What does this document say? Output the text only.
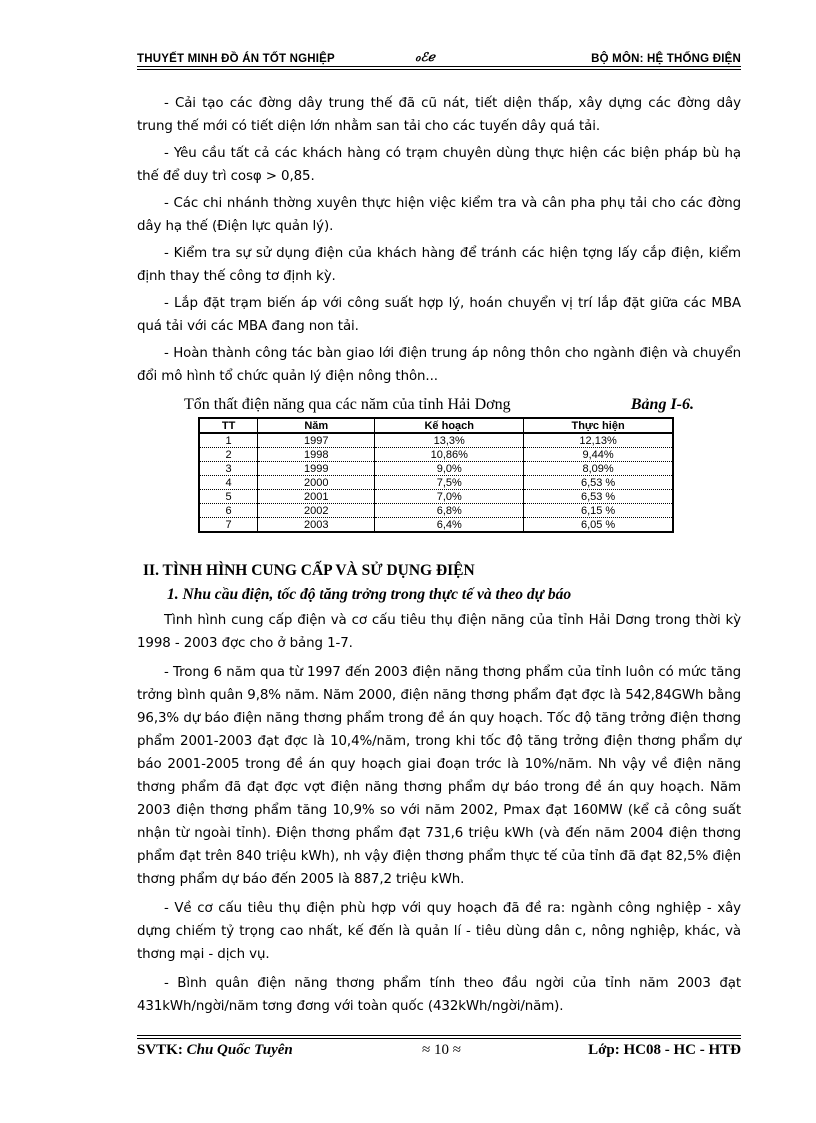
THUYẾT MINH ĐỒ ÁN TỐT NGHIỆP	ℴℰℯ	BỘ MÔN: HỆ THỐNG ĐIỆN

- Cải tạo các đờng dây trung thế đã cũ nát, tiết diện thấp, xây dựng các đờng dây trung thế mới có tiết diện lớn nhằm san tải cho các tuyến dây quá tải.

- Yêu cầu tất cả các khách hàng có trạm chuyên dùng thực hiện các biện pháp bù hạ thế để duy trì cosφ > 0,85.

- Các chi nhánh thờng xuyên thực hiện việc kiểm tra và cân pha phụ tải cho các đờng dây hạ thế (Điện lực quản lý).

- Kiểm tra sự sử dụng điện của khách hàng để tránh các hiện tợng lấy cắp điện, kiểm định thay thế công tơ định kỳ.

- Lắp đặt trạm biến áp với công suất hợp lý, hoán chuyển vị trí lắp đặt giữa các MBA quá tải với các MBA đang non tải.

- Hoàn thành công tác bàn giao lới điện trung áp nông thôn cho ngành điện và chuyển đổi mô hình tổ chức quản lý điện nông thôn...

Tổn thất điện năng qua các năm của tỉnh Hải Dơng	Bảng I-6.
TT	Năm	Kế hoạch	Thực hiện
1	1997	13,3%	12,13%
2	1998	10,86%	9,44%
3	1999	9,0%	8,09%
4	2000	7,5%	6,53 %
5	2001	7,0%	6,53 %
6	2002	6,8%	6,15 %
7	2003	6,4%	6,05 %
II. TÌNH HÌNH CUNG CẤP VÀ SỬ DỤNG ĐIỆN
1. Nhu cầu điện, tốc độ tăng trởng trong thực tế và theo dự báo

Tình hình cung cấp điện và cơ cấu tiêu thụ điện năng của tỉnh Hải Dơng trong thời kỳ 1998 - 2003 đợc cho ở bảng 1-7.

- Trong 6 năm qua từ 1997 đến 2003 điện năng thơng phẩm của tỉnh luôn có mức tăng trởng bình quân 9,8% năm. Năm 2000, điện năng thơng phẩm đạt đợc là 542,84GWh bằng 96,3% dự báo điện năng thơng phẩm trong đề án quy hoạch. Tốc độ tăng trởng điện thơng phẩm 2001-2003 đạt đợc là 10,4%/năm, trong khi tốc độ tăng trởng điện thơng phẩm dự báo 2001-2005 trong đề án quy hoạch giai đoạn trớc là 10%/năm. Nh vậy về điện năng thơng phẩm đã đạt đợc vợt điện năng thơng phẩm dự báo trong đề án quy hoạch. Năm 2003 điện thơng phẩm tăng 10,9% so với năm 2002, Pmax đạt 160MW (kể cả công suất nhận từ ngoài tỉnh). Điện thơng phẩm đạt 731,6 triệu kWh (và đến năm 2004 điện thơng phẩm đạt trên 840 triệu kWh), nh vậy điện thơng phẩm thực tế của tỉnh đã đạt 82,5% điện thơng phẩm dự báo đến 2005 là 887,2 triệu kWh.

- Về cơ cấu tiêu thụ điện phù hợp với quy hoạch đã đề ra: ngành công nghiệp - xây dựng chiếm tỷ trọng cao nhất, kế đến là quản lí - tiêu dùng dân c, nông nghiệp, khác, và thơng mại - dịch vụ.

- Bình quân điện năng thơng phẩm tính theo đầu ngời của tỉnh năm 2003 đạt 431kWh/ngời/năm tơng đơng với toàn quốc (432kWh/ngời/năm).

SVTK: Chu Quốc Tuyên	≈ 10 ≈	Lớp: HC08 - HC - HTĐ
